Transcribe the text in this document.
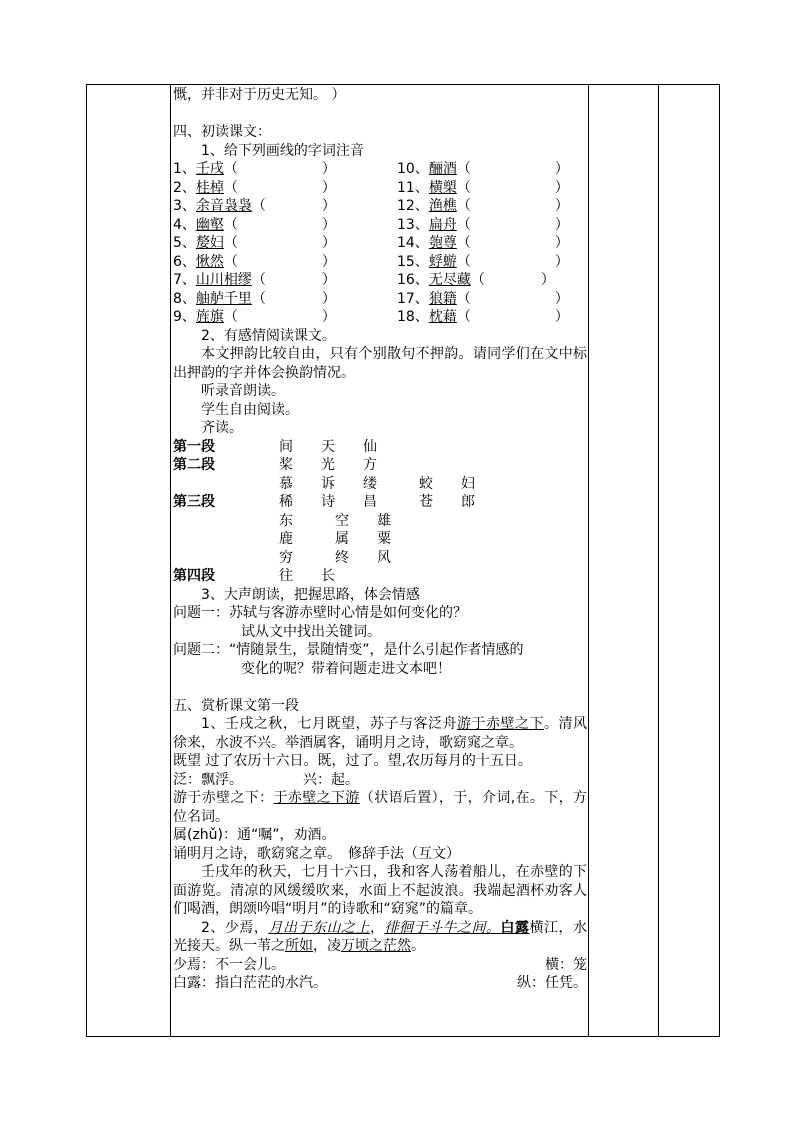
慨，并非对于历史无知。 ）
四、初读课文：
1、给下列画线的字词注音
1、壬戌（　　　　　　）	10、酾酒（　　　　　　）
2、桂棹（　　　　　　）	11、横槊（　　　　　　）
3、余音袅袅（　　　　）	12、渔樵（　　　　　　）
4、幽壑（　　　　　　）	13、扁舟（　　　　　　）
5、嫠妇（　　　　　　）	14、匏尊（　　　　　　）
6、愀然（　　　　　　）	15、蜉蝣（　　　　　　）
7、山川相缪（　　　　）	16、无尽藏（　　　　）
8、舳舻千里（　　　　）	17、狼籍（　　　　　　）
9、旌旗（　　　　　　）	18、枕藉（　　　　　　）
2、有感情阅读课文。
本文押韵比较自由，只有个别散句不押韵。请同学们在文中标出押韵的字并体会换韵情况。
听录音朗读。
学生自由阅读。
齐读。
第一段	间　　天　　仙
第二段	桨　　光　　方
慕　　诉　　缕　　　蛟　　妇
第三段	稀　　诗　　昌　　　苍　　郎
东　　　空　　雄
鹿　　　属　　粟
穷　　　终　　风
第四段	往　　长
3、大声朗读，把握思路，体会情感
问题一：苏轼与客游赤壁时心情是如何变化的？
试从文中找出关键词。
问题二：“情随景生，景随情变”，是什么引起作者情感的
变化的呢？带着问题走进文本吧！
五、赏析课文第一段
1、壬戌之秋，七月既望，苏子与客泛舟游于赤壁之下。清风徐来，水波不兴。举酒属客，诵明月之诗，歌窈窕之章。
既望 过了农历十六日。既，过了。望,农历每月的十五日。
泛：飘浮。	兴：起。
游于赤壁之下：于赤壁之下游（状语后置），于，介词,在。下，方位名词。
属(zhǔ)：通“嘱”，劝酒。
诵明月之诗，歌窈窕之章。　修辞手法（互文）
壬戌年的秋天，七月十六日，我和客人荡着船儿，在赤壁的下面游览。清凉的风缓缓吹来，水面上不起波浪。我端起酒杯劝客人们喝酒，朗颂吟唱“明月”的诗歌和“窈窕”的篇章。
2、少焉，月出于东山之上，徘徊于斗牛之间。白露横江，水光接天。纵一苇之所如，凌万顷之茫然。
少焉：不一会儿。	横：笼
白露：指白茫茫的水汽。	纵：任凭。
